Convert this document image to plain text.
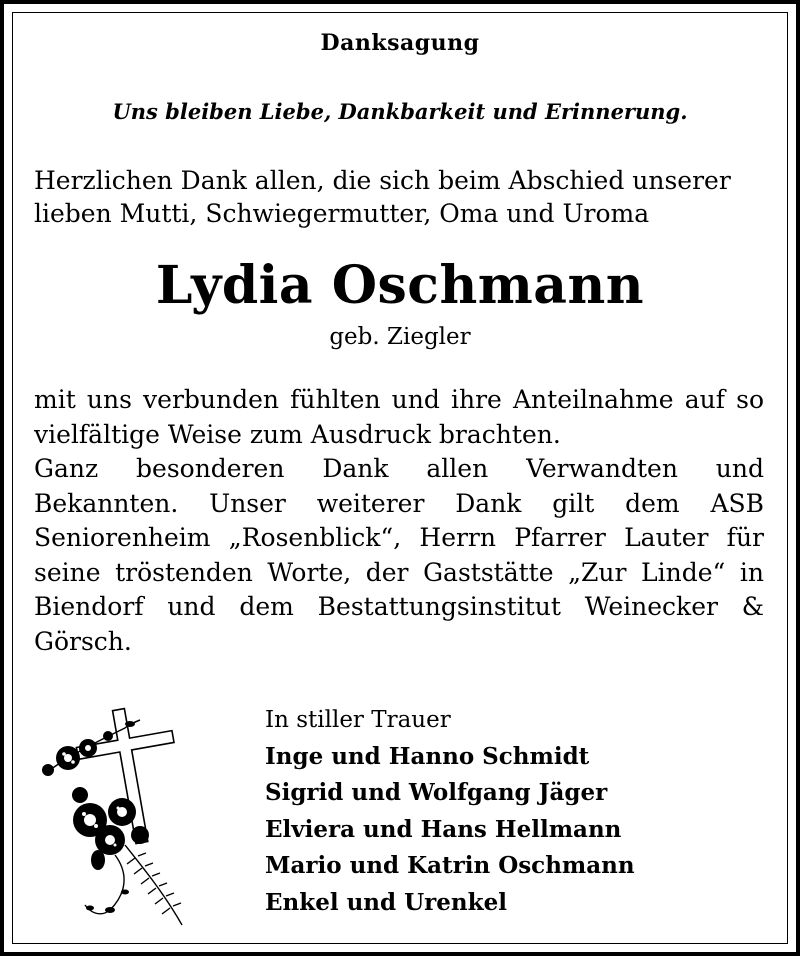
Danksagung
Uns bleiben Liebe, Dankbarkeit und Erinnerung.
Herzlichen Dank allen, die sich beim Abschied unserer
lieben Mutti, Schwiegermutter, Oma und Uroma
Lydia Oschmann
geb. Ziegler

mit uns verbunden fühlten und ihre Anteilnahme auf so vielfältige Weise zum Ausdruck brachten.

Ganz besonderen Dank allen Verwandten und Bekannten. Unser weiterer Dank gilt dem ASB Seniorenheim „Rosenblick“, Herrn Pfarrer Lauter für seine tröstenden Worte, der Gaststätte „Zur Linde“ in Biendorf und dem Bestattungsinstitut Weinecker & Görsch.

In stiller Trauer
Inge und Hanno Schmidt
Sigrid und Wolfgang Jäger
Elviera und Hans Hellmann
Mario und Katrin Oschmann
Enkel und Urenkel
